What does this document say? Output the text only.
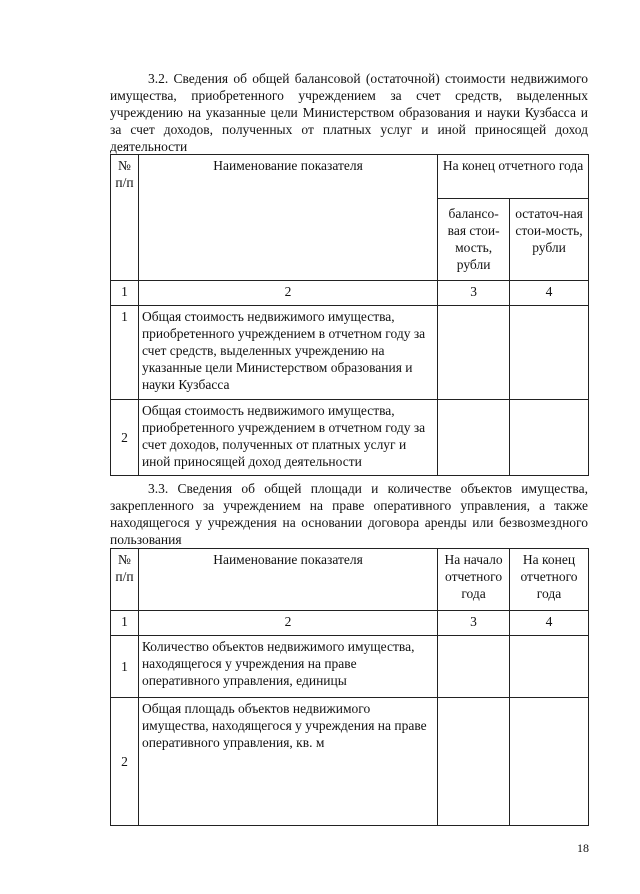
3.2. Сведения об общей балансовой (остаточной) стоимости недвижимого имущества, приобретенного учреждением за счет средств, выделенных учреждению на указанные цели Министерством образования и науки Кузбасса и за счет доходов, полученных от платных услуг и иной приносящей доход деятельности
№ п/п	Наименование показателя	На конец отчетного года	
		балансо-вая стои-мость, рубли	остаточ-ная стои-мость, рубли
1	2	3	4
1	Общая стоимость недвижимого имущества, приобретенного учреждением в отчетном году за счет средств, выделенных учреждению на указанные цели Министерством образования и науки Кузбасса		
2	Общая стоимость недвижимого имущества, приобретенного учреждением в отчетном году за счет доходов, полученных от платных услуг и иной приносящей доход деятельности		
3.3. Сведения об общей площади и количестве объектов имущества, закрепленного за учреждением на праве оперативного управления, а также находящегося у учреждения на основании договора аренды или безвозмездного пользования
№ п/п	Наименование показателя	На начало отчетного года	На конец отчетного года
1	2	3	4
1	Количество объектов недвижимого имущества, находящегося у учреждения на праве оперативного управления, единицы		
2	Общая площадь объектов недвижимого имущества, находящегося у учреждения на праве оперативного управления, кв. м		
18
